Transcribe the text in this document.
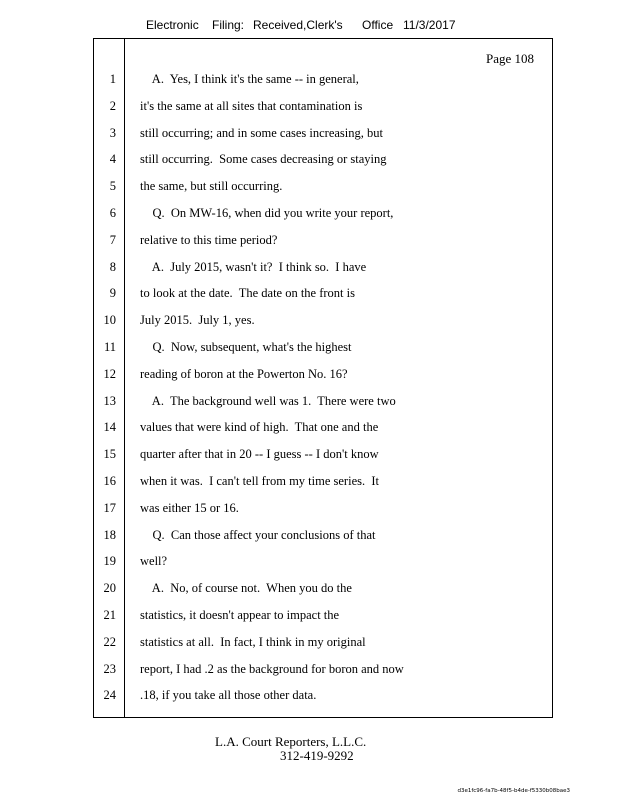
Electronic

Filing:

Received,Clerk's

Office

11/3/2017

Page 108
1 A.  Yes, I think it's the same -- in general,
2 it's the same at all sites that contamination is
3 still occurring; and in some cases increasing, but
4 still occurring.  Some cases decreasing or staying
5 the same, but still occurring.
6 Q.  On MW-16, when did you write your report,
7 relative to this time period?
8 A.  July 2015, wasn't it?  I think so.  I have
9 to look at the date.  The date on the front is
10 July 2015.  July 1, yes.
11 Q.  Now, subsequent, what's the highest
12 reading of boron at the Powerton No. 16?
13 A.  The background well was 1.  There were two
14 values that were kind of high.  That one and the
15 quarter after that in 20 -- I guess -- I don't know
16 when it was.  I can't tell from my time series.  It
17 was either 15 or 16.
18 Q.  Can those affect your conclusions of that
19 well?
20 A.  No, of course not.  When you do the
21 statistics, it doesn't appear to impact the
22 statistics at all.  In fact, I think in my original
23 report, I had .2 as the background for boron and now
24 .18, if you take all those other data.
L.A. Court Reporters, L.L.C.
312-419-9292
d3e1fc96-fa7b-48f5-b4de-f5330b08bae3
